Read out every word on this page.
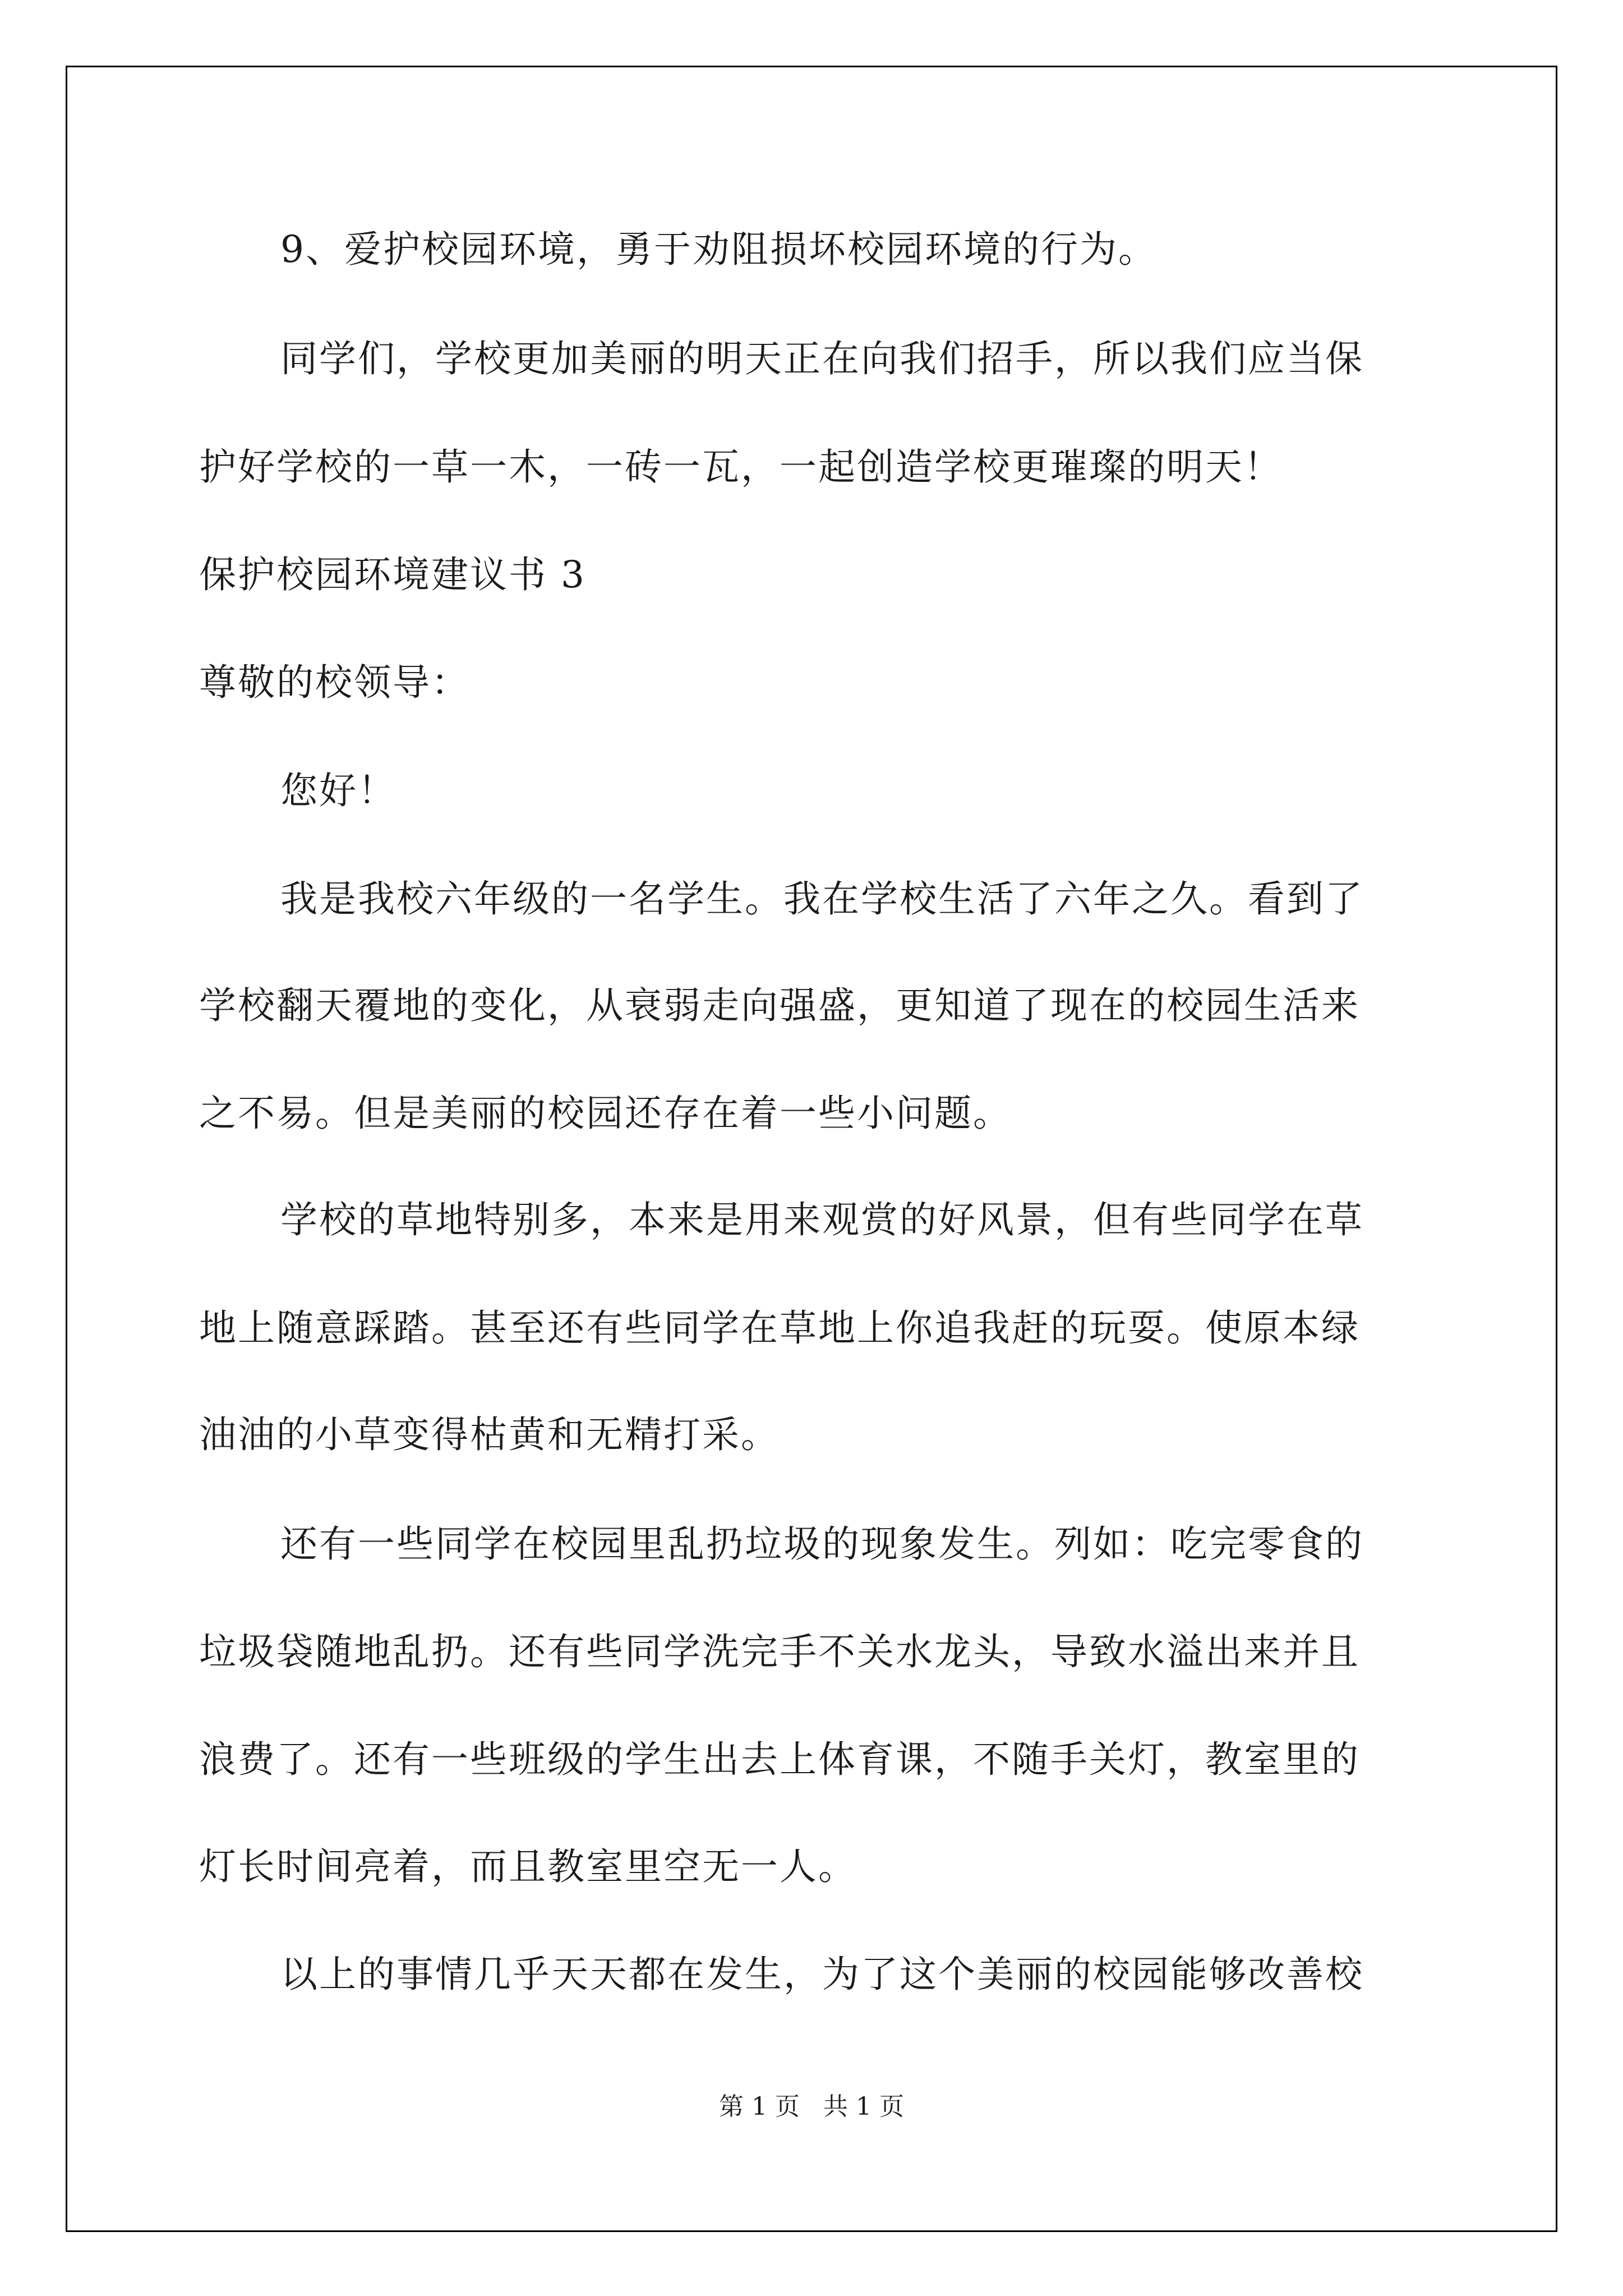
9、爱护校园环境，勇于劝阻损坏校园环境的行为。
同学们，学校更加美丽的明天正在向我们招手，所以我们应当保
护好学校的一草一木，一砖一瓦，一起创造学校更璀璨的明天！
保护校园环境建议书 3
尊敬的校领导：
您好！
我是我校六年级的一名学生。我在学校生活了六年之久。看到了
学校翻天覆地的变化，从衰弱走向强盛，更知道了现在的校园生活来
之不易。但是美丽的校园还存在着一些小问题。
学校的草地特别多，本来是用来观赏的好风景，但有些同学在草
地上随意踩踏。甚至还有些同学在草地上你追我赶的玩耍。使原本绿
油油的小草变得枯黄和无精打采。
还有一些同学在校园里乱扔垃圾的现象发生。列如：吃完零食的
垃圾袋随地乱扔。还有些同学洗完手不关水龙头，导致水溢出来并且
浪费了。还有一些班级的学生出去上体育课，不随手关灯，教室里的
灯长时间亮着，而且教室里空无一人。
以上的事情几乎天天都在发生，为了这个美丽的校园能够改善校
第 1 页   共 1 页
